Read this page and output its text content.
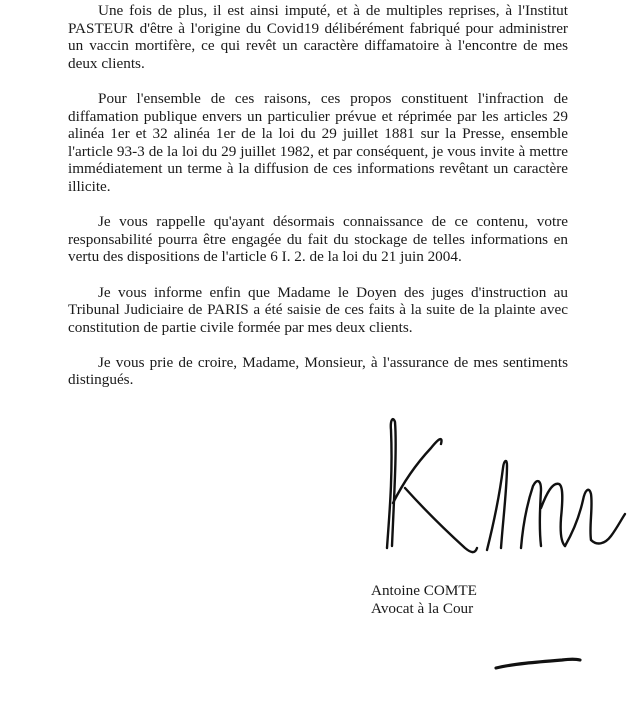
Une fois de plus, il est ainsi imputé, et à de multiples reprises, à l'Institut PASTEUR d'être à l'origine du Covid19 délibérément fabriqué pour administrer un vaccin mortifère, ce qui revêt un caractère diffamatoire à l'encontre de mes deux clients.

Pour l'ensemble de ces raisons, ces propos constituent l'infraction de diffamation publique envers un particulier prévue et réprimée par les articles 29 alinéa 1er et 32 alinéa 1er de la loi du 29 juillet 1881 sur la Presse, ensemble l'article 93-3 de la loi du 29 juillet 1982, et par conséquent, je vous invite à mettre immédiatement un terme à la diffusion de ces informations revêtant un caractère illicite.

Je vous rappelle qu'ayant désormais connaissance de ce contenu, votre responsabilité pourra être engagée du fait du stockage de telles informations en vertu des dispositions de l'article 6 I. 2. de la loi du 21 juin 2004.

Je vous informe enfin que Madame le Doyen des juges d'instruction au Tribunal Judiciaire de PARIS a été saisie de ces faits à la suite de la plainte avec constitution de partie civile formée par mes deux clients.

Je vous prie de croire, Madame, Monsieur, à l'assurance de mes sentiments distingués.

Antoine COMTE
Avocat à la Cour
